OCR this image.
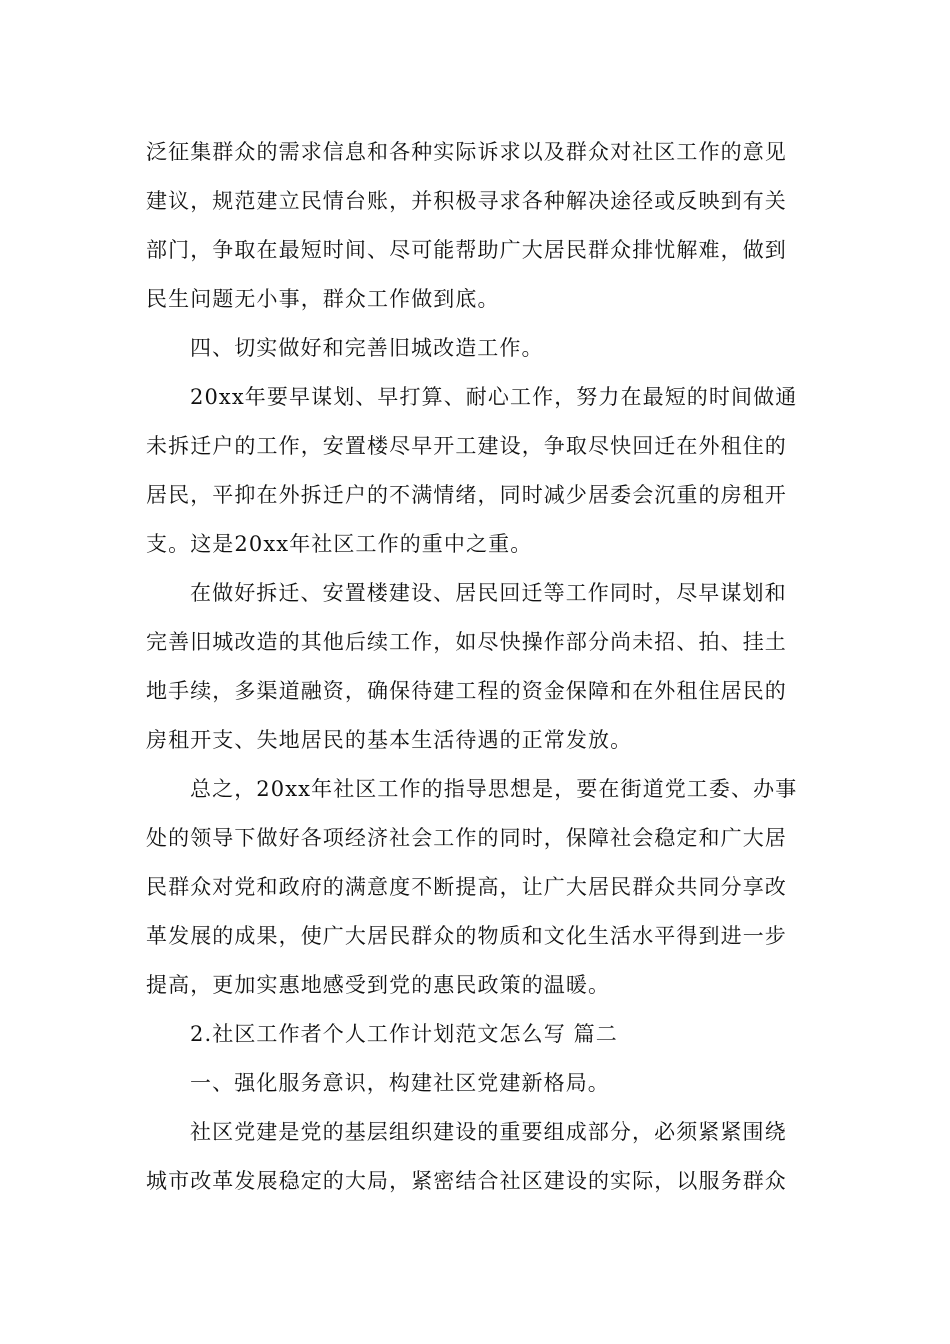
泛征集群众的需求信息和各种实际诉求以及群众对社区工作的意见
建议，规范建立民情台账，并积极寻求各种解决途径或反映到有关
部门，争取在最短时间、尽可能帮助广大居民群众排忧解难，做到
民生问题无小事，群众工作做到底。
四、切实做好和完善旧城改造工作。
20xx年要早谋划、早打算、耐心工作，努力在最短的时间做通
未拆迁户的工作，安置楼尽早开工建设，争取尽快回迁在外租住的
居民，平抑在外拆迁户的不满情绪，同时减少居委会沉重的房租开
支。这是20xx年社区工作的重中之重。
在做好拆迁、安置楼建设、居民回迁等工作同时，尽早谋划和
完善旧城改造的其他后续工作，如尽快操作部分尚未招、拍、挂土
地手续，多渠道融资，确保待建工程的资金保障和在外租住居民的
房租开支、失地居民的基本生活待遇的正常发放。
总之，20xx年社区工作的指导思想是，要在街道党工委、办事
处的领导下做好各项经济社会工作的同时，保障社会稳定和广大居
民群众对党和政府的满意度不断提高，让广大居民群众共同分享改
革发展的成果，使广大居民群众的物质和文化生活水平得到进一步
提高，更加实惠地感受到党的惠民政策的温暖。
2.社区工作者个人工作计划范文怎么写 篇二
一、强化服务意识，构建社区党建新格局。
社区党建是党的基层组织建设的重要组成部分，必须紧紧围绕
城市改革发展稳定的大局，紧密结合社区建设的实际，以服务群众
